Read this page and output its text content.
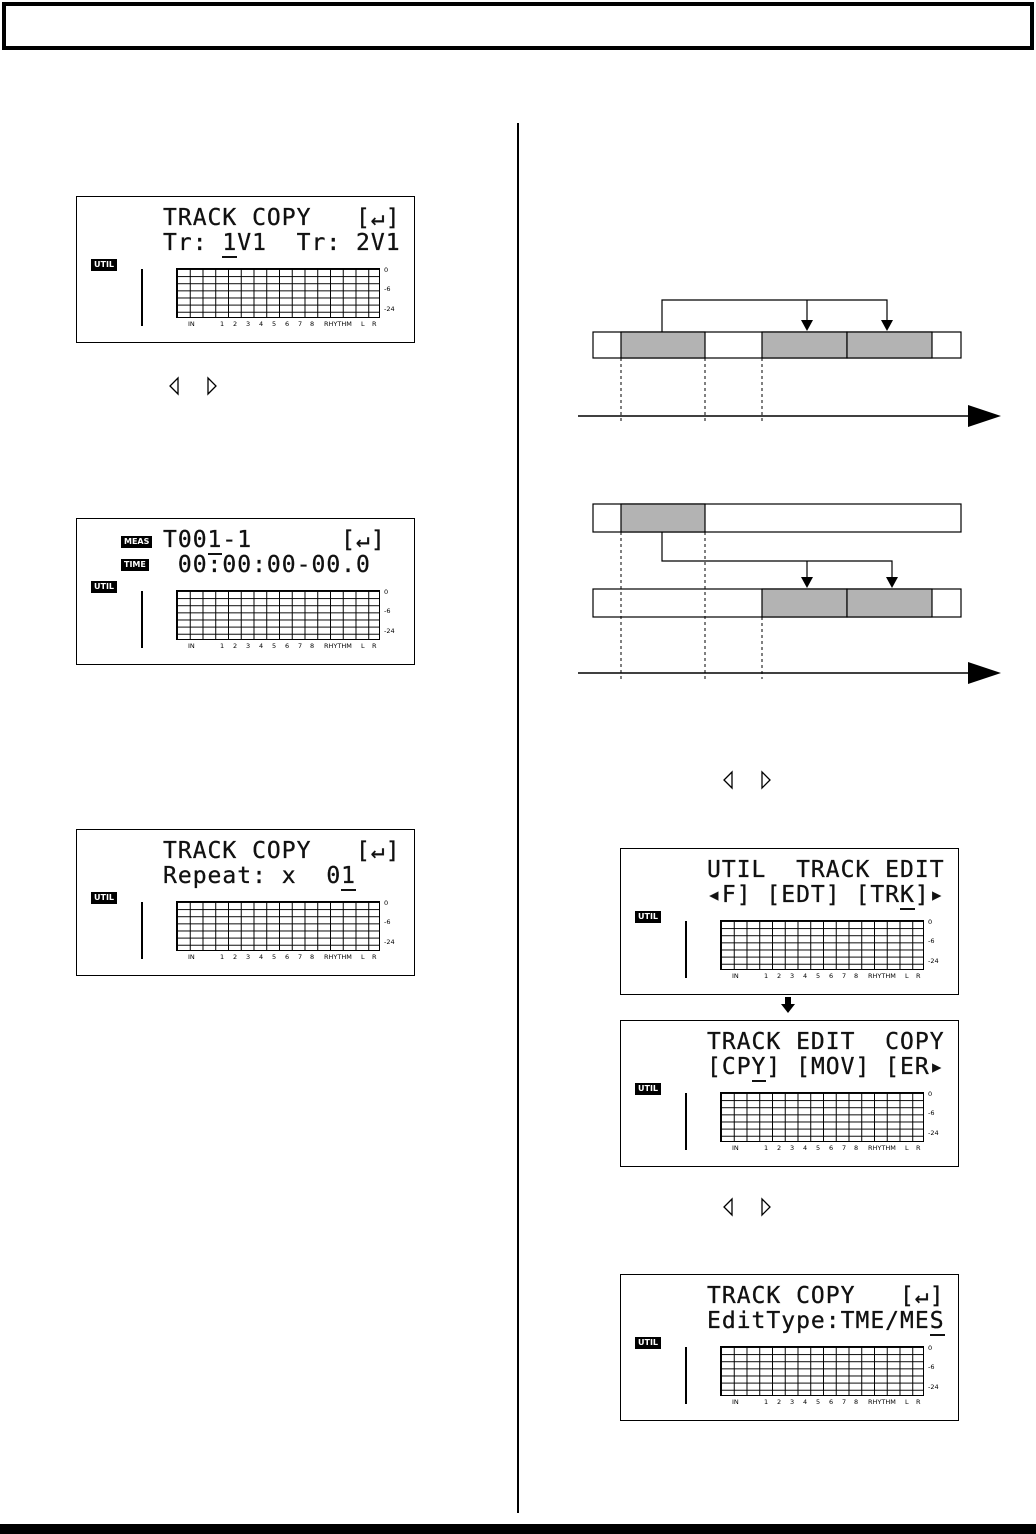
TRACK COPY   [↵]
Tr: 1V1  Tr: 2V1
UTIL
IN	1 2 3 4 5 6 7 8 RHYTHM L R
0
-6
-24

T001-1      [↵]
00:00:00-00.0
MEAS
TIME
UTIL
IN	1 2 3 4 5 6 7 8 RHYTHM L R
0
-6
-24
TRACK COPY   [↵]
Repeat: x  01
UTIL
IN	1 2 3 4 5 6 7 8 RHYTHM L R
0
-6
-24

UTIL  TRACK EDIT
◂F] [EDT] [TRK]▸
UTIL
IN	1 2 3 4 5 6 7 8 RHYTHM L R
0
-6
-24
TRACK EDIT  COPY
[CPY] [MOV] [ER▸
UTIL
IN	1 2 3 4 5 6 7 8 RHYTHM L R
0
-6
-24

TRACK COPY   [↵]
EditType:TME/MES
UTIL
IN	1 2 3 4 5 6 7 8 RHYTHM L R
0
-6
-24
